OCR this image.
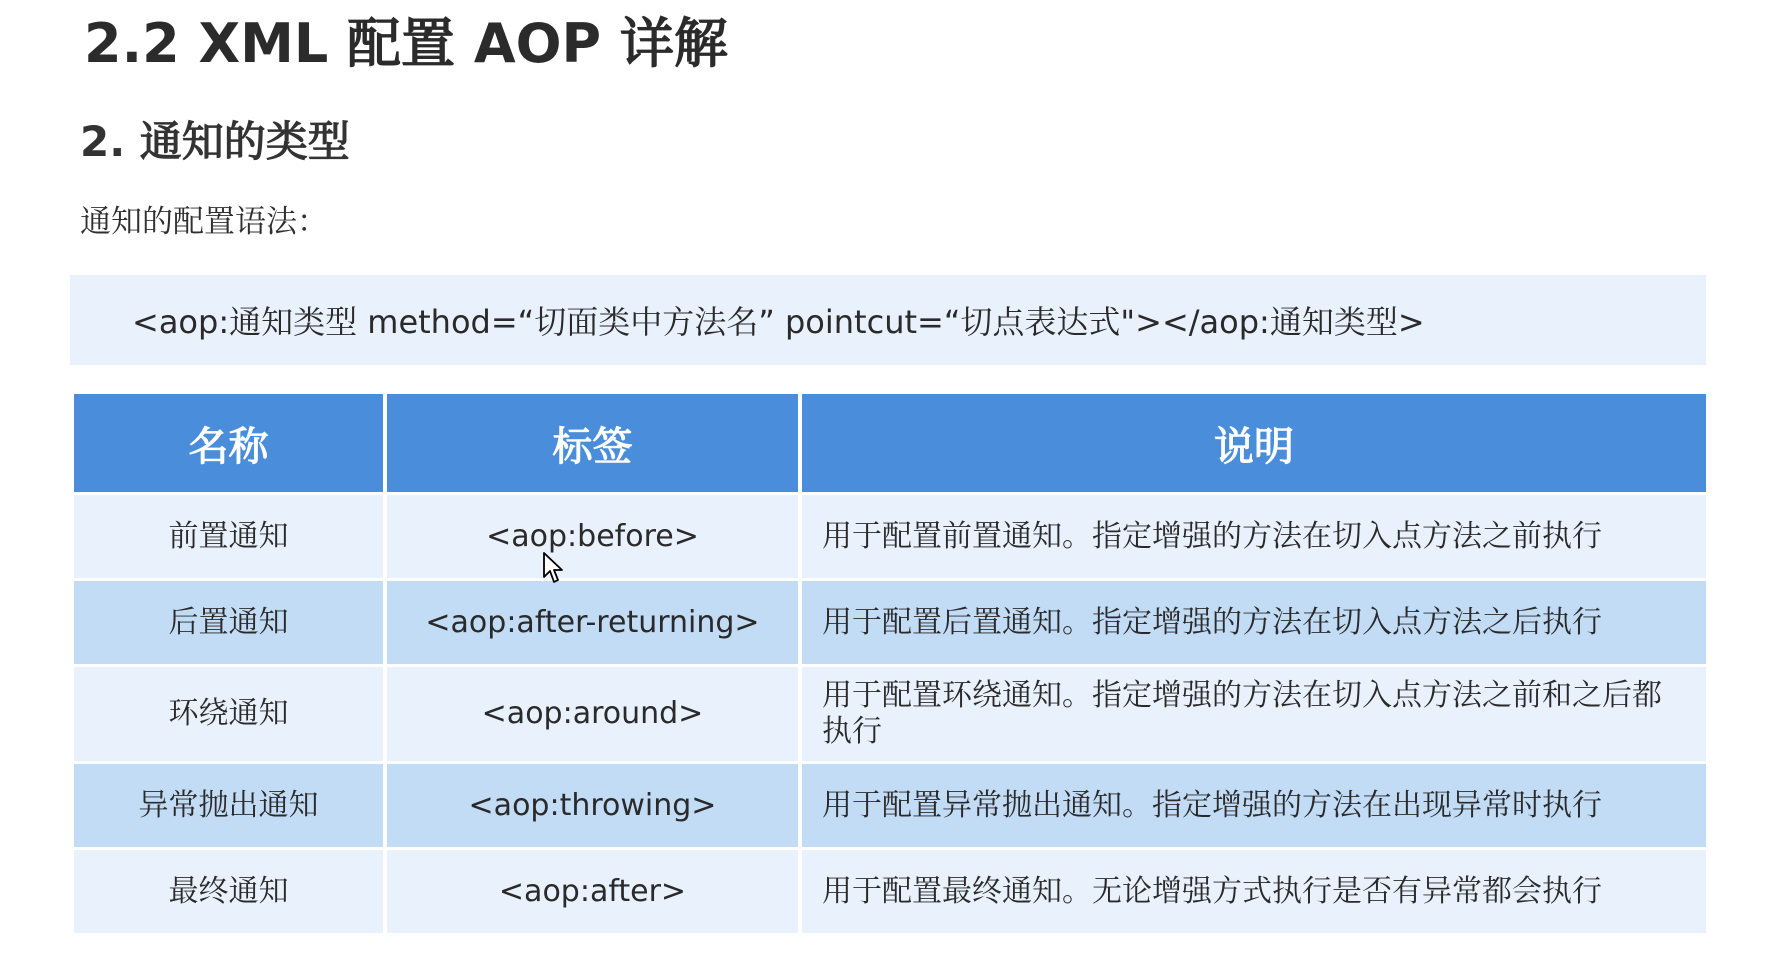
2.2 XML 配置 AOP 详解
2. 通知的类型
通知的配置语法：
<aop:通知类型 method=“切面类中方法名” pointcut=“切点表达式"></aop:通知类型>
名称	标签	说明
前置通知	<aop:before>	用于配置前置通知。指定增强的方法在切入点方法之前执行
后置通知	<aop:after-returning>	用于配置后置通知。指定增强的方法在切入点方法之后执行
环绕通知	<aop:around>	用于配置环绕通知。指定增强的方法在切入点方法之前和之后都执行
异常抛出通知	<aop:throwing>	用于配置异常抛出通知。指定增强的方法在出现异常时执行
最终通知	<aop:after>	用于配置最终通知。无论增强方式执行是否有异常都会执行
